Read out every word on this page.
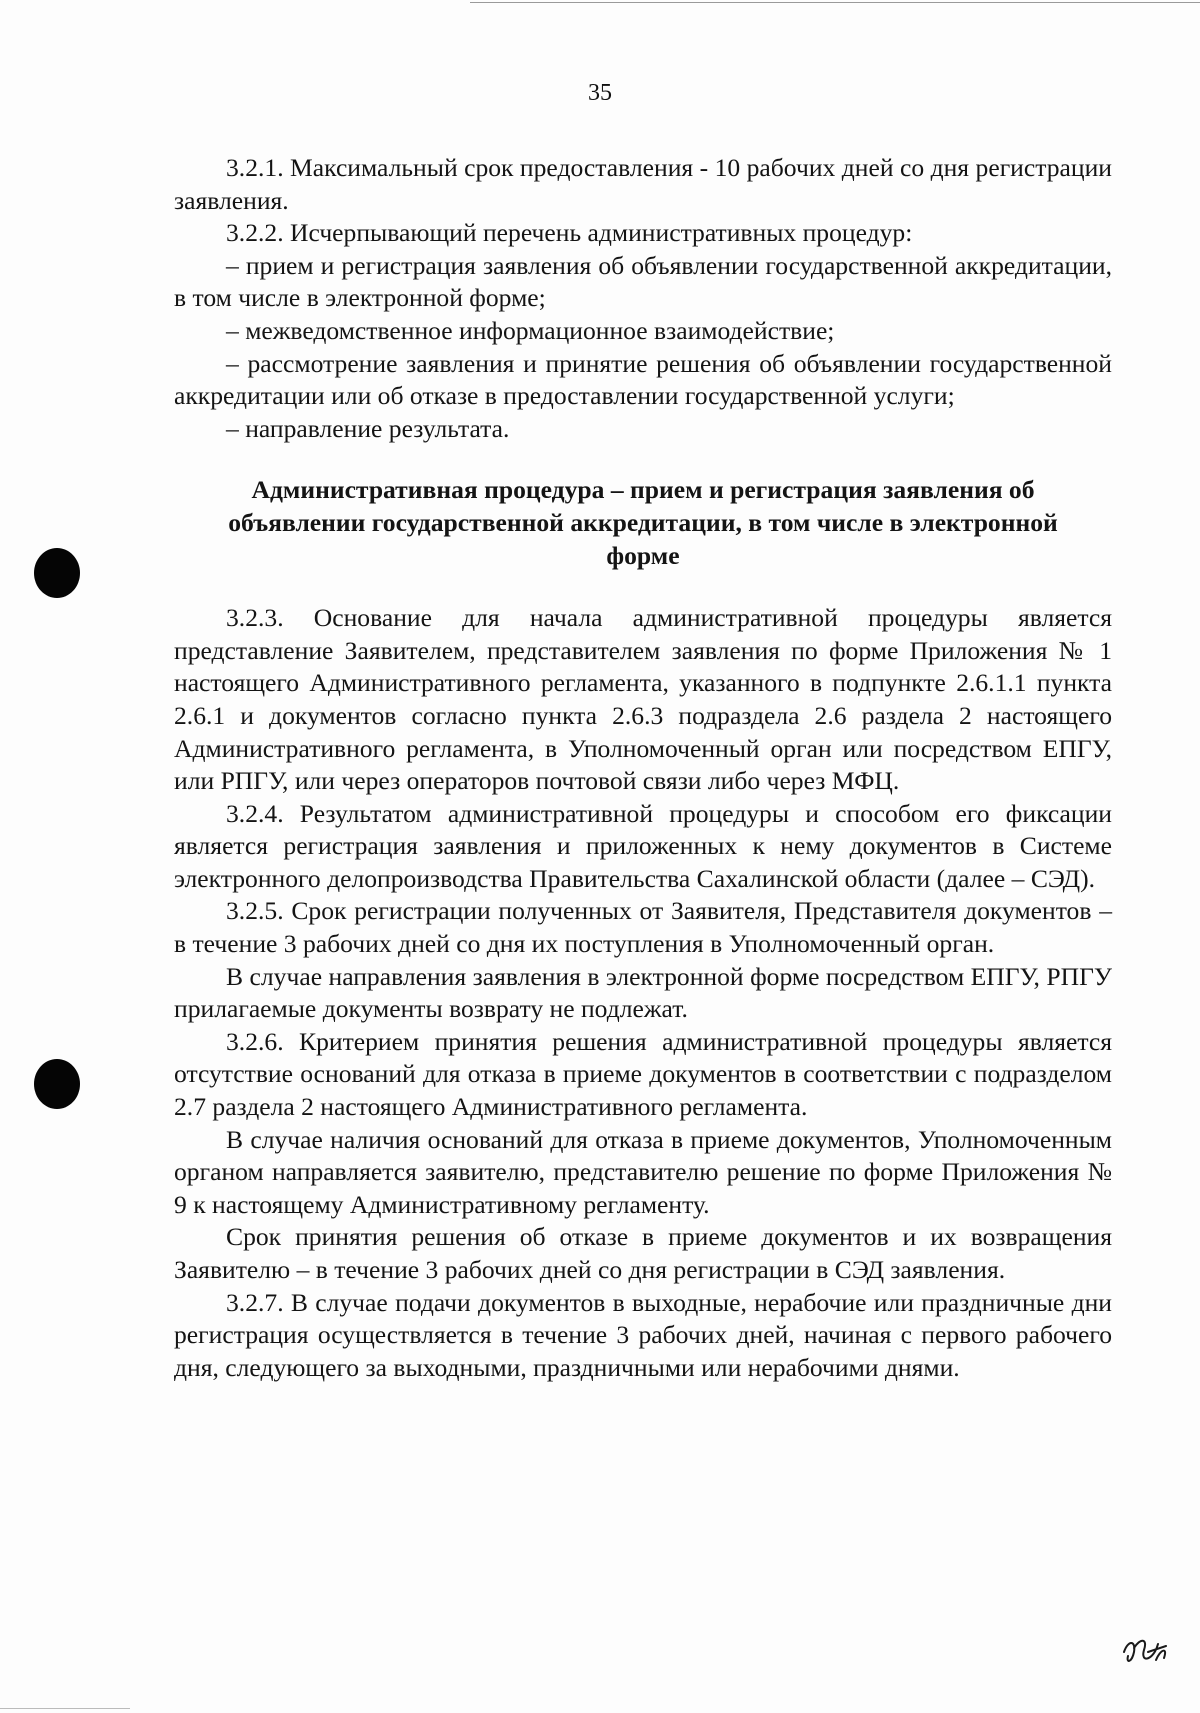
35

3.2.1. Максимальный срок предоставления - 10 рабочих дней со дня регистрации заявления.

3.2.2. Исчерпывающий перечень административных процедур:

– прием и регистрация заявления об объявлении государственной аккредитации, в том числе в электронной форме;

– межведомственное информационное взаимодействие;

– рассмотрение заявления и принятие решения об объявлении государственной аккредитации или об отказе в предоставлении государственной услуги;

– направление результата.

Административная процедура – прием и регистрация заявления об
объявлении государственной аккредитации, в том числе в электронной
форме

3.2.3. Основание для начала административной процедуры является представление Заявителем, представителем заявления по форме Приложения № 1 настоящего Административного регламента, указанного в подпункте 2.6.1.1 пункта 2.6.1 и документов согласно пункта 2.6.3 подраздела 2.6 раздела 2 настоящего Административного регламента, в Уполномоченный орган или посредством ЕПГУ, или РПГУ, или через операторов почтовой связи либо через МФЦ.

3.2.4. Результатом административной процедуры и способом его фиксации является регистрация заявления и приложенных к нему документов в Системе электронного делопроизводства Правительства Сахалинской области (далее – СЭД).

3.2.5. Срок регистрации полученных от Заявителя, Представителя документов – в течение 3 рабочих дней со дня их поступления в Уполномоченный орган.

В случае направления заявления в электронной форме посредством ЕПГУ, РПГУ прилагаемые документы возврату не подлежат.

3.2.6. Критерием принятия решения административной процедуры является отсутствие оснований для отказа в приеме документов в соответствии с подразделом 2.7 раздела 2 настоящего Административного регламента.

В случае наличия оснований для отказа в приеме документов, Уполномоченным органом направляется заявителю, представителю решение по форме Приложения № 9 к настоящему Административному регламенту.

Срок принятия решения об отказе в приеме документов и их возвращения Заявителю – в течение 3 рабочих дней со дня регистрации в СЭД заявления.

3.2.7. В случае подачи документов в выходные, нерабочие или праздничные дни регистрация осуществляется в течение 3 рабочих дней, начиная с первого рабочего дня, следующего за выходными, праздничными или нерабочими днями.
